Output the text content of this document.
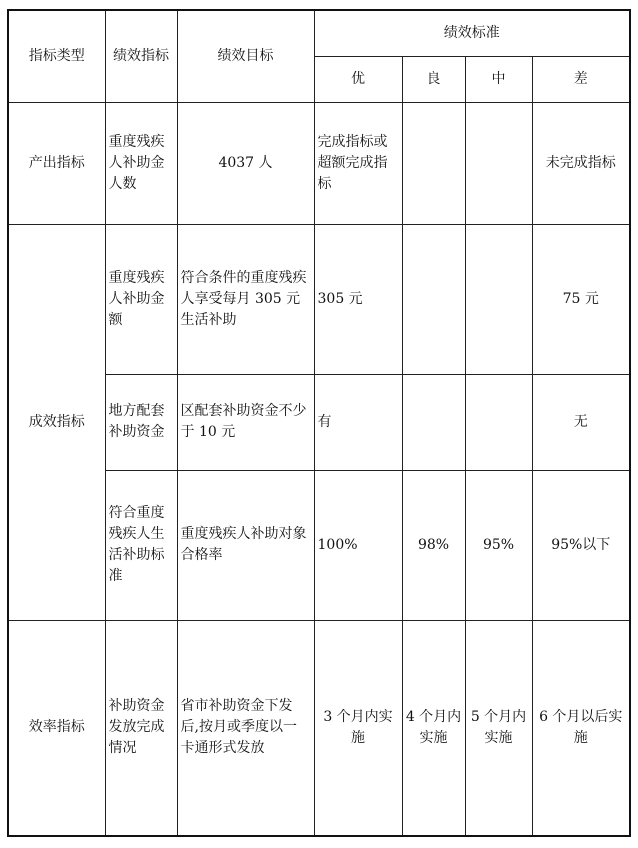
指标类型	绩效指标	绩效目标	绩效标准			
			优	良	中	差
产出指标	重度残疾人补助金人数	4037 人	完成指标或超额完成指标			未完成指标
成效指标	重度残疾人补助金额	符合条件的重度残疾人享受每月 305 元生活补助	305 元			75 元
	地方配套补助资金	区配套补助资金不少于 10 元	有			无
	符合重度残疾人生活补助标准	重度残疾人补助对象合格率	100%	98%	95%	95%以下
效率指标	补助资金发放完成情况	省市补助资金下发后,按月或季度以一卡通形式发放	3 个月内实施	4 个月内实施	5 个月内实施	6 个月以后实施
